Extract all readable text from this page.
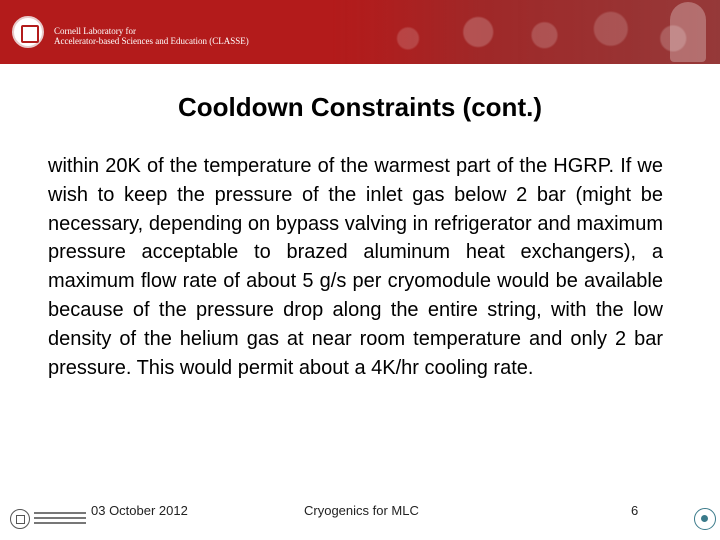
Cornell Laboratory for
Accelerator-based Sciences and Education (CLASSE)
Cooldown Constraints (cont.)
within 20K of the temperature of the warmest part of the HGRP. If we wish to keep the pressure of the inlet gas below 2 bar (might be necessary, depending on bypass valving in refrigerator and maximum pressure acceptable to brazed aluminum heat exchangers), a maximum flow rate of about 5 g/s per cryomodule would be available because of the pressure drop along the entire string, with the low density of the helium gas at near room temperature and only 2 bar pressure. This would permit about a 4K/hr cooling rate.
03 October 2012	Cryogenics for MLC	6
